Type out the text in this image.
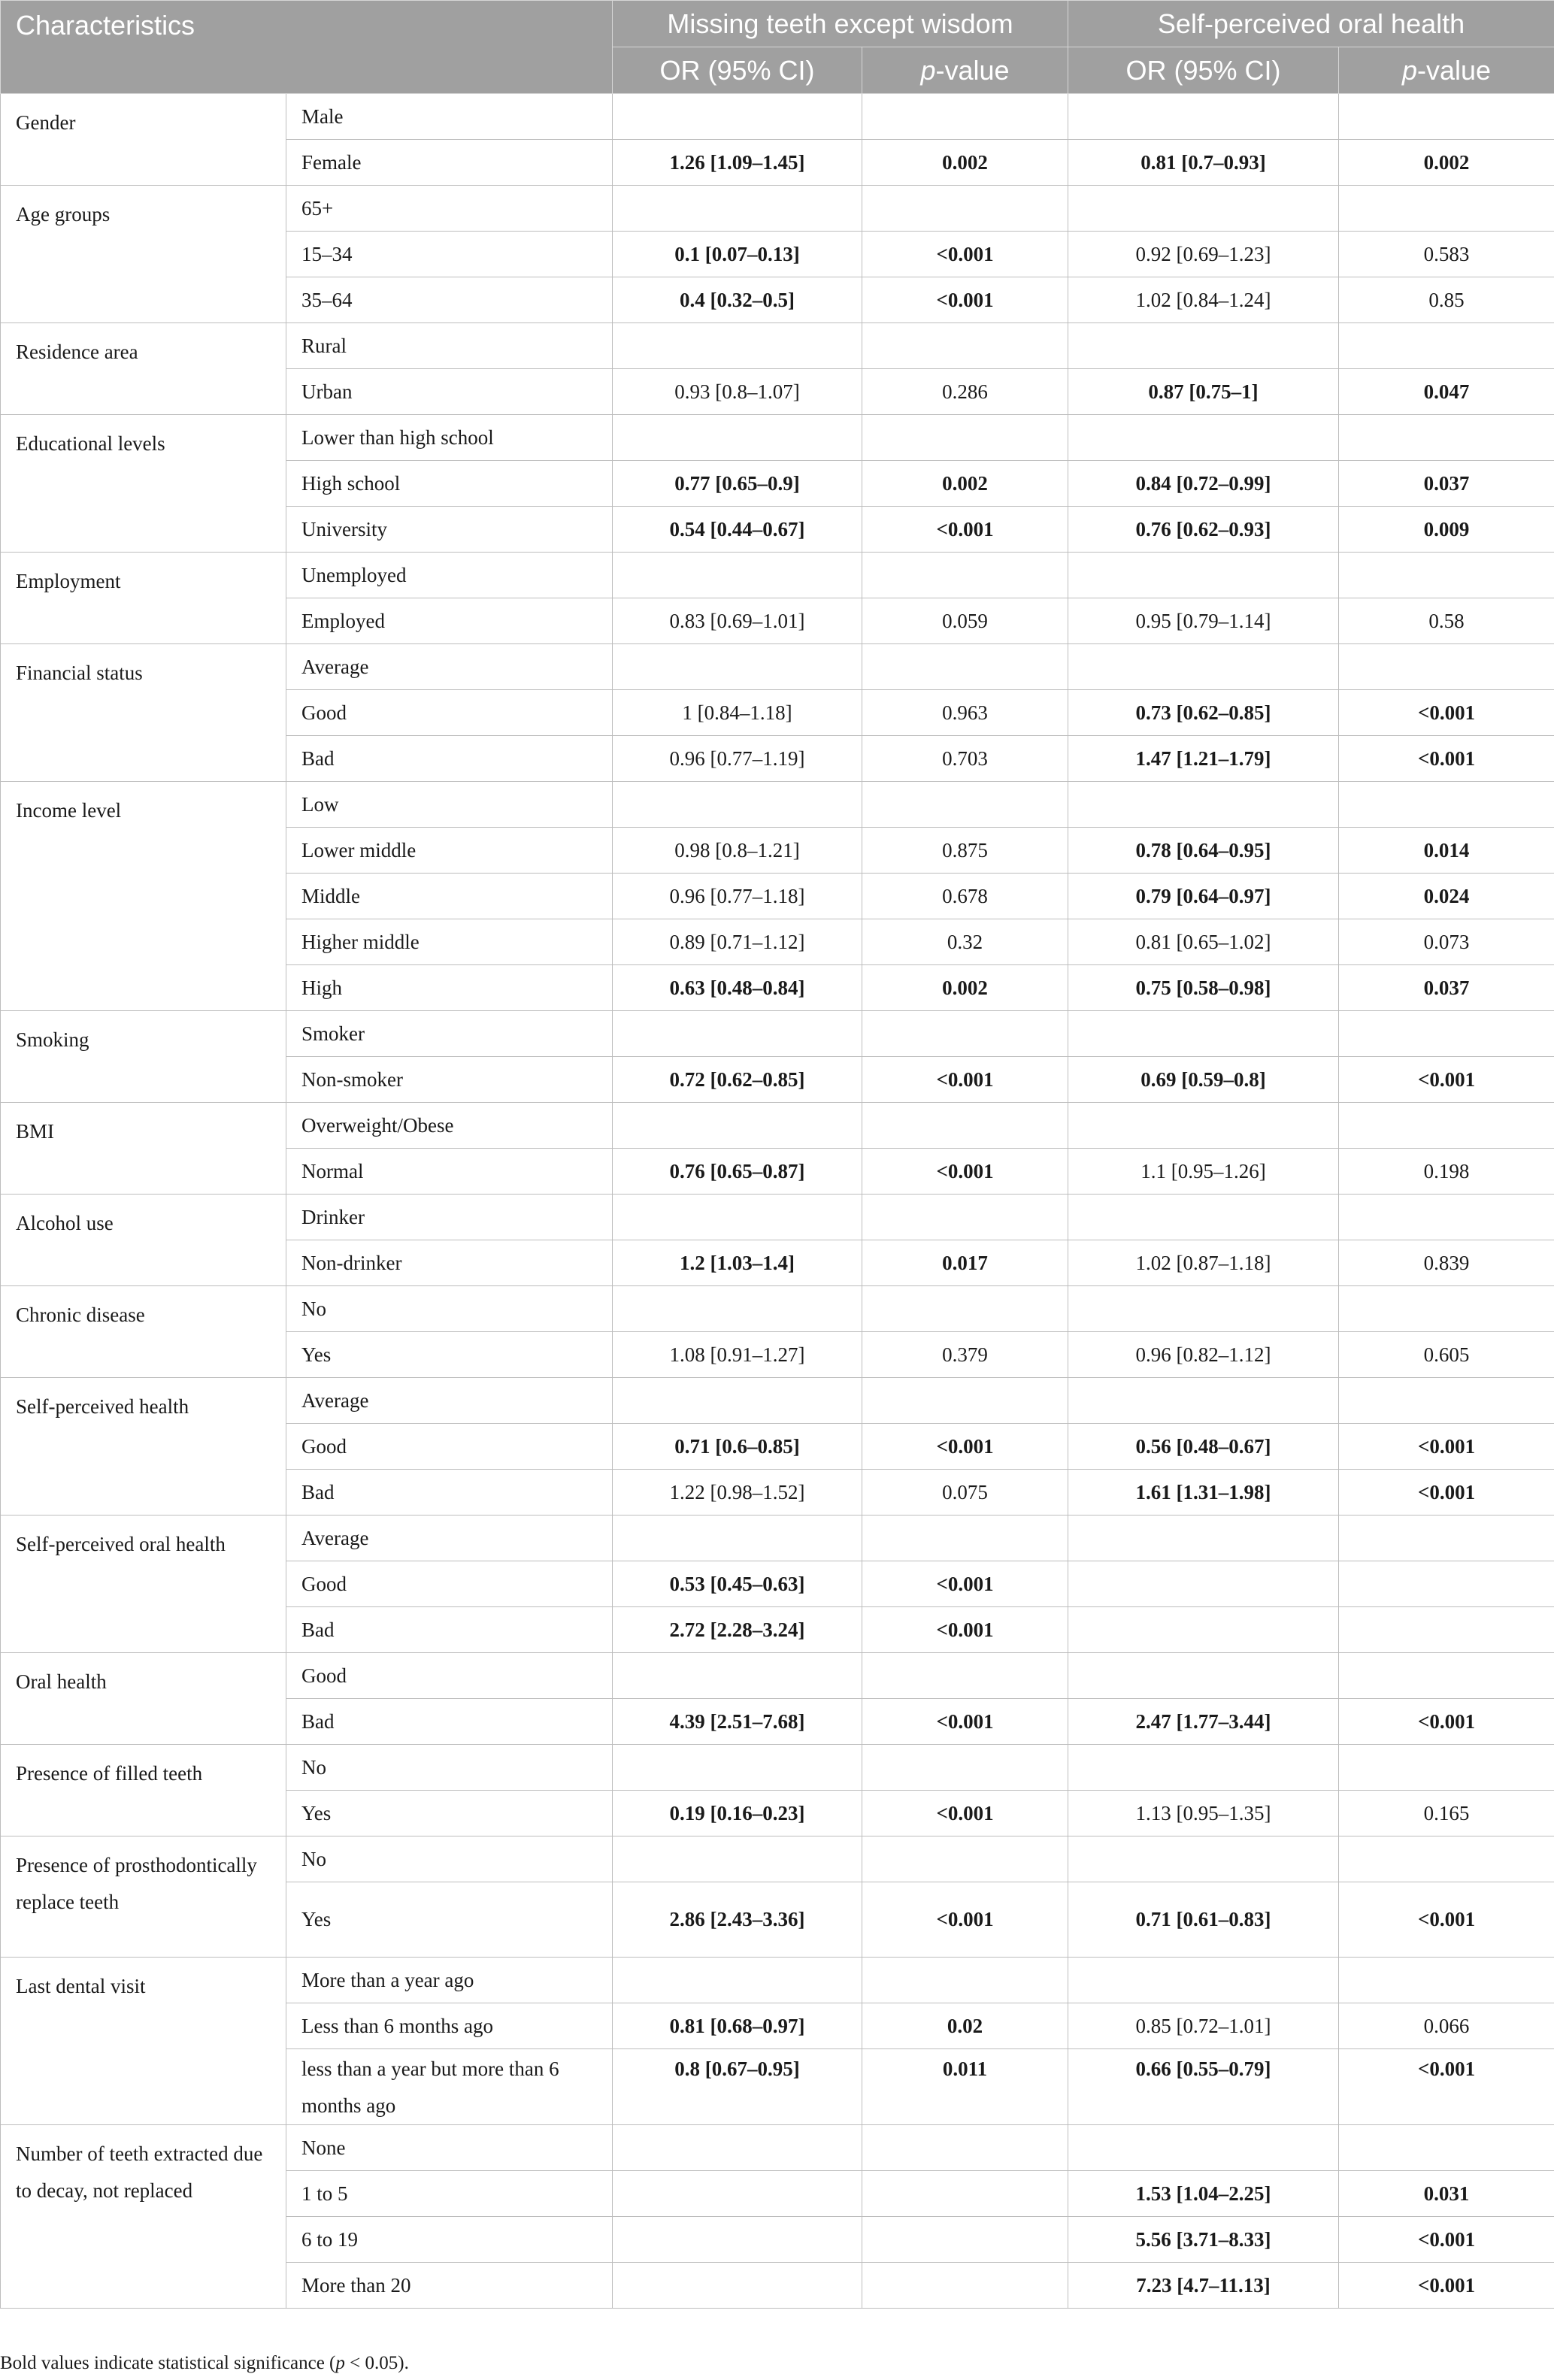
Characteristics		Missing teeth except wisdom		Self-perceived oral health	
		OR (95% CI)	p-value	OR (95% CI)	p-value
Gender	Male				
	Female	1.26 [1.09–1.45]	0.002	0.81 [0.7–0.93]	0.002
Age groups	65+				
	15–34	0.1 [0.07–0.13]	<0.001	0.92 [0.69–1.23]	0.583
	35–64	0.4 [0.32–0.5]	<0.001	1.02 [0.84–1.24]	0.85
Residence area	Rural				
	Urban	0.93 [0.8–1.07]	0.286	0.87 [0.75–1]	0.047
Educational levels	Lower than high school				
	High school	0.77 [0.65–0.9]	0.002	0.84 [0.72–0.99]	0.037
	University	0.54 [0.44–0.67]	<0.001	0.76 [0.62–0.93]	0.009
Employment	Unemployed				
	Employed	0.83 [0.69–1.01]	0.059	0.95 [0.79–1.14]	0.58
Financial status	Average				
	Good	1 [0.84–1.18]	0.963	0.73 [0.62–0.85]	<0.001
	Bad	0.96 [0.77–1.19]	0.703	1.47 [1.21–1.79]	<0.001
Income level	Low				
	Lower middle	0.98 [0.8–1.21]	0.875	0.78 [0.64–0.95]	0.014
	Middle	0.96 [0.77–1.18]	0.678	0.79 [0.64–0.97]	0.024
	Higher middle	0.89 [0.71–1.12]	0.32	0.81 [0.65–1.02]	0.073
	High	0.63 [0.48–0.84]	0.002	0.75 [0.58–0.98]	0.037
Smoking	Smoker				
	Non-smoker	0.72 [0.62–0.85]	<0.001	0.69 [0.59–0.8]	<0.001
BMI	Overweight/Obese				
	Normal	0.76 [0.65–0.87]	<0.001	1.1 [0.95–1.26]	0.198
Alcohol use	Drinker				
	Non-drinker	1.2 [1.03–1.4]	0.017	1.02 [0.87–1.18]	0.839
Chronic disease	No				
	Yes	1.08 [0.91–1.27]	0.379	0.96 [0.82–1.12]	0.605
Self-perceived health	Average				
	Good	0.71 [0.6–0.85]	<0.001	0.56 [0.48–0.67]	<0.001
	Bad	1.22 [0.98–1.52]	0.075	1.61 [1.31–1.98]	<0.001
Self-perceived oral health	Average				
	Good	0.53 [0.45–0.63]	<0.001		
	Bad	2.72 [2.28–3.24]	<0.001		
Oral health	Good				
	Bad	4.39 [2.51–7.68]	<0.001	2.47 [1.77–3.44]	<0.001
Presence of filled teeth	No				
	Yes	0.19 [0.16–0.23]	<0.001	1.13 [0.95–1.35]	0.165
Presence of prosthodontically replace teeth	No				
	Yes	2.86 [2.43–3.36]	<0.001	0.71 [0.61–0.83]	<0.001
Last dental visit	More than a year ago				
	Less than 6 months ago	0.81 [0.68–0.97]	0.02	0.85 [0.72–1.01]	0.066
	less than a year but more than 6 months ago	0.8 [0.67–0.95]	0.011	0.66 [0.55–0.79]	<0.001
Number of teeth extracted due to decay, not replaced	None				
	1 to 5			1.53 [1.04–2.25]	0.031
	6 to 19			5.56 [3.71–8.33]	<0.001
	More than 20			7.23 [4.7–11.13]	<0.001
Bold values indicate statistical significance (p < 0.05).
